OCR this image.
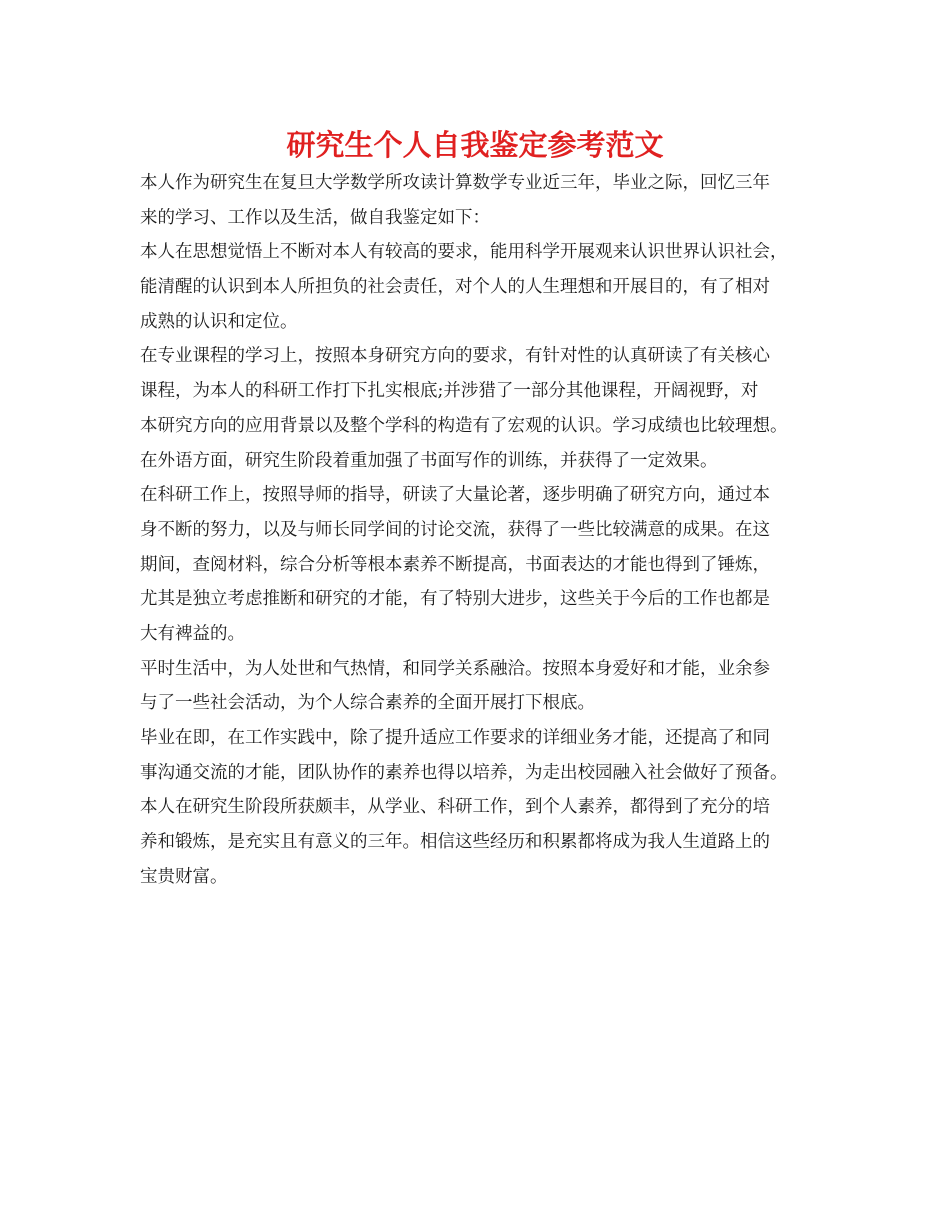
研究生个人自我鉴定参考范文
本人作为研究生在复旦大学数学所攻读计算数学专业近三年，毕业之际，回忆三年
来的学习、工作以及生活，做自我鉴定如下：
本人在思想觉悟上不断对本人有较高的要求，能用科学开展观来认识世界认识社会，
能清醒的认识到本人所担负的社会责任，对个人的人生理想和开展目的，有了相对
成熟的认识和定位。
在专业课程的学习上，按照本身研究方向的要求，有针对性的认真研读了有关核心
课程，为本人的科研工作打下扎实根底;并涉猎了一部分其他课程，开阔视野，对
本研究方向的应用背景以及整个学科的构造有了宏观的认识。学习成绩也比较理想。
在外语方面，研究生阶段着重加强了书面写作的训练，并获得了一定效果。
在科研工作上，按照导师的指导，研读了大量论著，逐步明确了研究方向，通过本
身不断的努力，以及与师长同学间的讨论交流，获得了一些比较满意的成果。在这
期间，查阅材料，综合分析等根本素养不断提高，书面表达的才能也得到了锤炼，
尤其是独立考虑推断和研究的才能，有了特别大进步，这些关于今后的工作也都是
大有裨益的。
平时生活中，为人处世和气热情，和同学关系融洽。按照本身爱好和才能，业余参
与了一些社会活动，为个人综合素养的全面开展打下根底。
毕业在即，在工作实践中，除了提升适应工作要求的详细业务才能，还提高了和同
事沟通交流的才能，团队协作的素养也得以培养，为走出校园融入社会做好了预备。
本人在研究生阶段所获颇丰，从学业、科研工作，到个人素养，都得到了充分的培
养和锻炼，是充实且有意义的三年。相信这些经历和积累都将成为我人生道路上的
宝贵财富。
